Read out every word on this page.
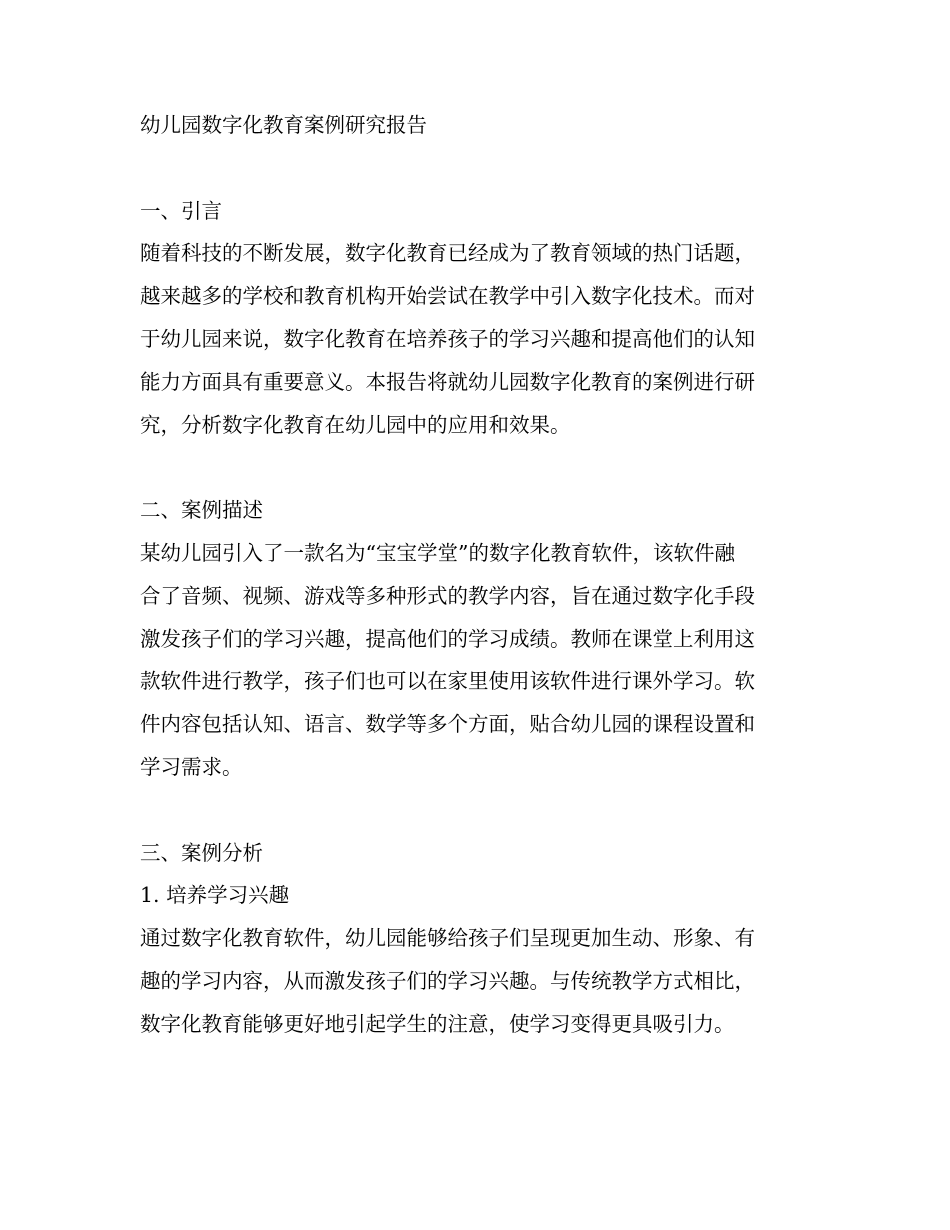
幼儿园数字化教育案例研究报告
一、引言
随着科技的不断发展，数字化教育已经成为了教育领域的热门话题，
越来越多的学校和教育机构开始尝试在教学中引入数字化技术。而对
于幼儿园来说，数字化教育在培养孩子的学习兴趣和提高他们的认知
能力方面具有重要意义。本报告将就幼儿园数字化教育的案例进行研
究，分析数字化教育在幼儿园中的应用和效果。
二、案例描述
某幼儿园引入了一款名为“宝宝学堂”的数字化教育软件，该软件融
合了音频、视频、游戏等多种形式的教学内容，旨在通过数字化手段
激发孩子们的学习兴趣，提高他们的学习成绩。教师在课堂上利用这
款软件进行教学，孩子们也可以在家里使用该软件进行课外学习。软
件内容包括认知、语言、数学等多个方面，贴合幼儿园的课程设置和
学习需求。
三、案例分析
1. 培养学习兴趣
通过数字化教育软件，幼儿园能够给孩子们呈现更加生动、形象、有
趣的学习内容，从而激发孩子们的学习兴趣。与传统教学方式相比，
数字化教育能够更好地引起学生的注意，使学习变得更具吸引力。
